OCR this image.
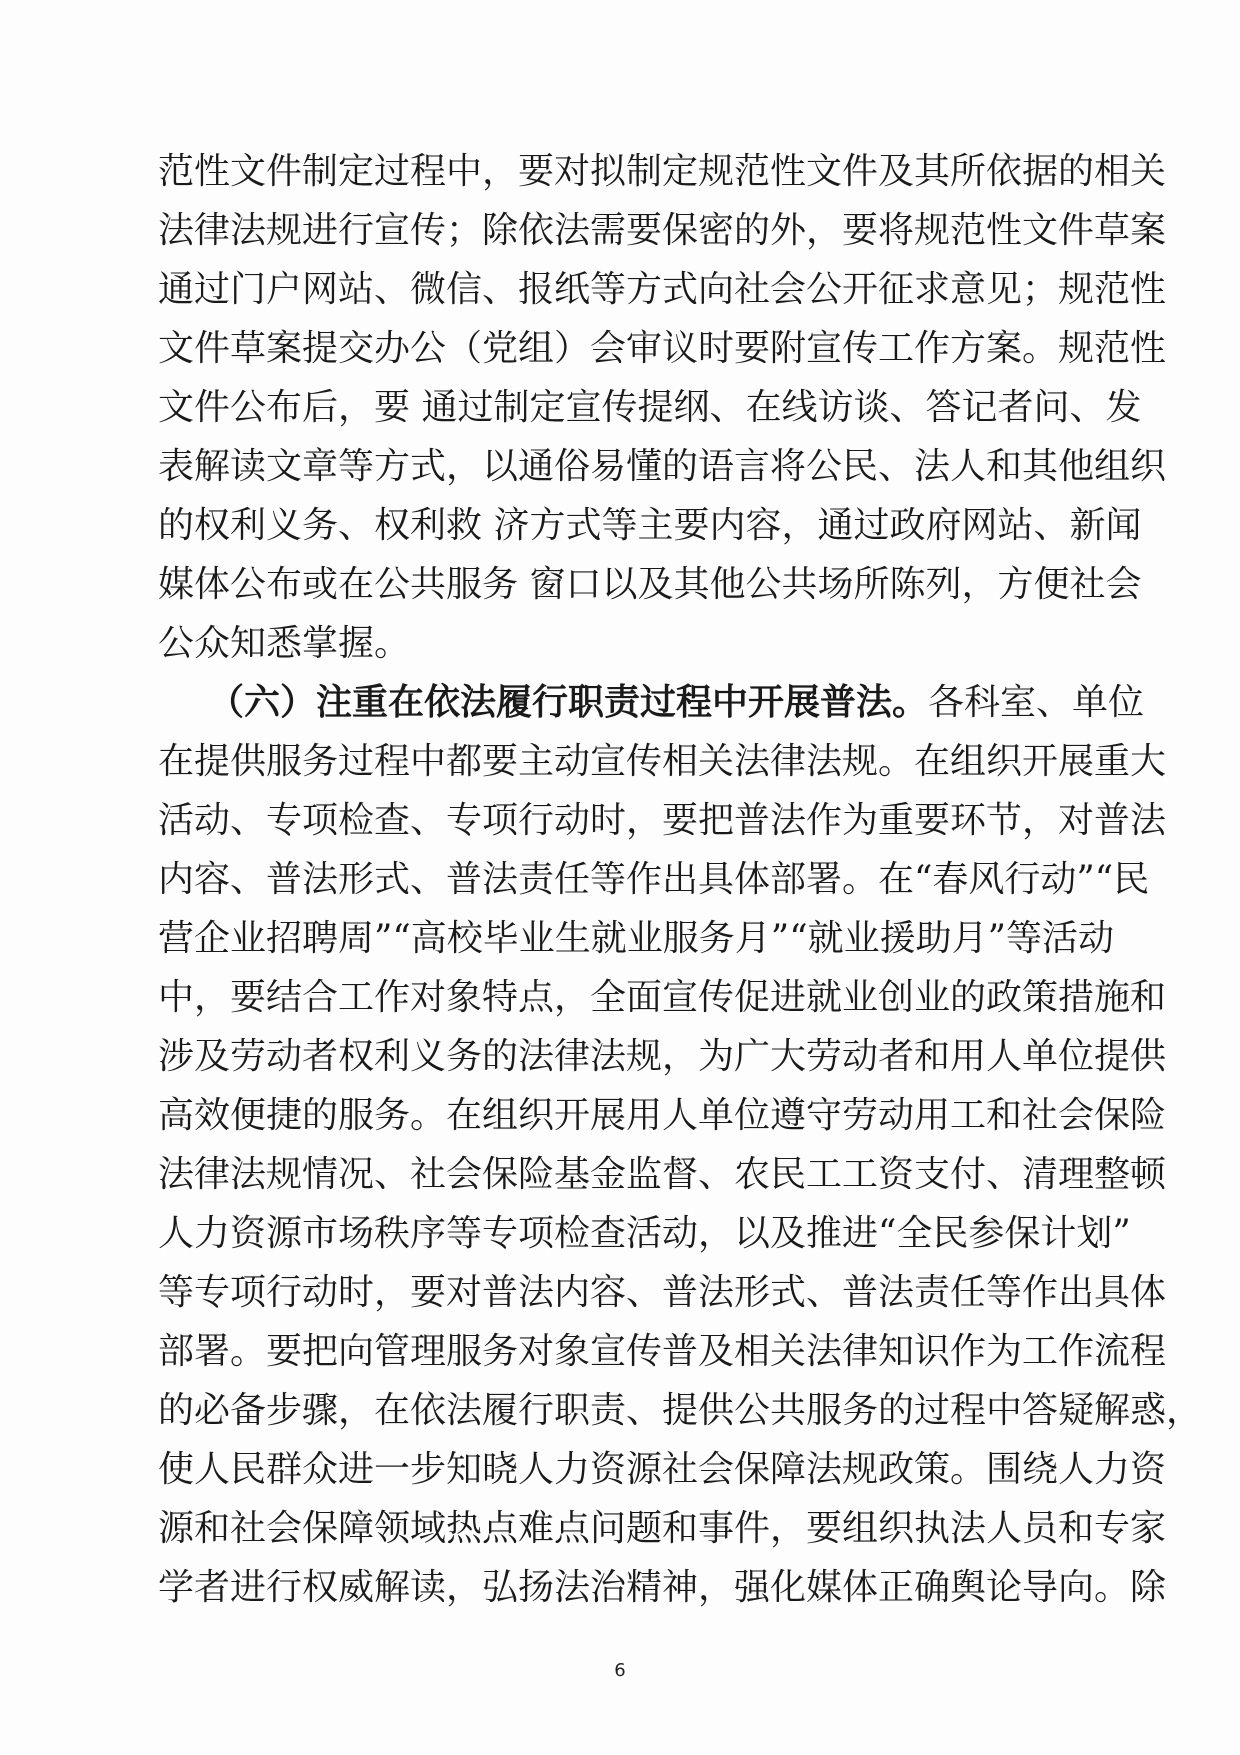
范性文件制定过程中，要对拟制定规范性文件及其所依据的相关
法律法规进行宣传；除依法需要保密的外，要将规范性文件草案
通过门户网站、微信、报纸等方式向社会公开征求意见；规范性
文件草案提交办公（党组）会审议时要附宣传工作方案。规范性
文件公布后，要 通过制定宣传提纲、在线访谈、答记者问、发
表解读文章等方式，以通俗易懂的语言将公民、法人和其他组织
的权利义务、权利救 济方式等主要内容，通过政府网站、新闻
媒体公布或在公共服务 窗口以及其他公共场所陈列，方便社会
公众知悉掌握。
（六）注重在依法履行职责过程中开展普法。各科室、单位
在提供服务过程中都要主动宣传相关法律法规。在组织开展重大
活动、专项检查、专项行动时，要把普法作为重要环节，对普法
内容、普法形式、普法责任等作出具体部署。在“春风行动”“民
营企业招聘周”“高校毕业生就业服务月”“就业援助月”等活动
中，要结合工作对象特点，全面宣传促进就业创业的政策措施和
涉及劳动者权利义务的法律法规，为广大劳动者和用人单位提供
高效便捷的服务。在组织开展用人单位遵守劳动用工和社会保险
法律法规情况、社会保险基金监督、农民工工资支付、清理整顿
人力资源市场秩序等专项检查活动，以及推进“全民参保计划”
等专项行动时，要对普法内容、普法形式、普法责任等作出具体
部署。要把向管理服务对象宣传普及相关法律知识作为工作流程
的必备步骤，在依法履行职责、提供公共服务的过程中答疑解惑，
使人民群众进一步知晓人力资源社会保障法规政策。围绕人力资
源和社会保障领域热点难点问题和事件，要组织执法人员和专家
学者进行权威解读，弘扬法治精神，强化媒体正确舆论导向。除
6
